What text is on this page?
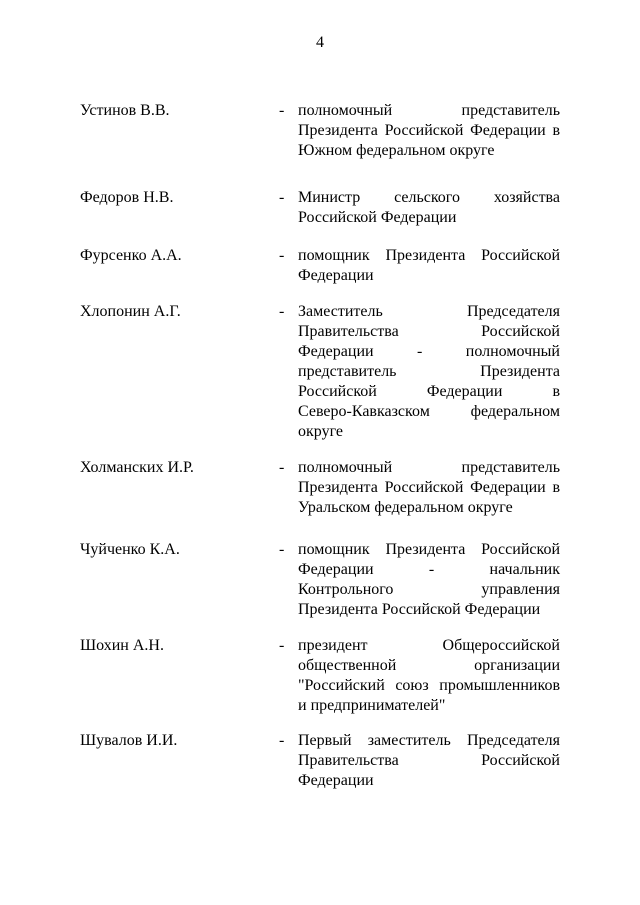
4
Устинов В.В.	- полномочный представитель
Президента Российской Федерации в
Южном федеральном округе
Федоров Н.В.	- Министр сельского хозяйства
Российской Федерации
Фурсенко А.А.	- помощник Президента Российской
Федерации
Хлопонин А.Г.	- Заместитель Председателя
Правительства Российской
Федерации - полномочный
представитель Президента
Российской Федерации в
Северо-Кавказском федеральном
округе
Холманских И.Р.	- полномочный представитель
Президента Российской Федерации в
Уральском федеральном округе
Чуйченко К.А.	- помощник Президента Российской
Федерации - начальник
Контрольного управления
Президента Российской Федерации
Шохин А.Н.	- президент Общероссийской
общественной организации
"Российский союз промышленников
и предпринимателей"
Шувалов И.И.	- Первый заместитель Председателя
Правительства Российской
Федерации
